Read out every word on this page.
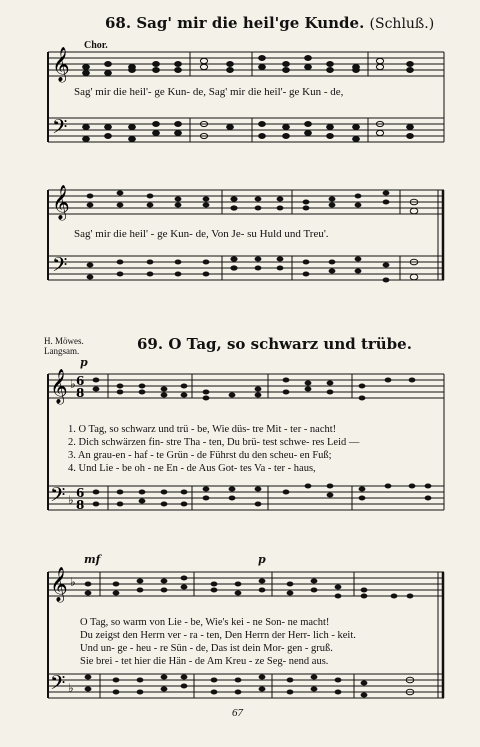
68. Sag' mir die heil'ge Kunde. (Schluß.)
Chor.
𝄞
𝄢
Sag' mir die heil'- ge Kun- de, Sag' mir die heil'- ge Kun - de,
𝄞
𝄢
Sag' mir die heil' - ge Kun- de, Von Je- su Huld und Treu'.
H. Möwes.
Langsam.	69. O Tag, so schwarz und trübe.
p
𝄞
𝄢
♭
♭
6
8
6
8
1. O Tag, so schwarz und trü - be, Wie düs- tre Mit - ter - nacht!
2. Dich schwärzen fin- stre Tha - ten, Du brü- test schwe- res Leid —
3. An grau-en - haf - te Grün - de Führst du den scheu- en Fuß;
4. Und Lie - be oh - ne En - de Aus Got- tes Va - ter - haus,
mf	p
𝄞
𝄢
♭
♭
O Tag, so warm von Lie - be, Wie's kei - ne Son- ne macht!
Du zeigst den Herrn ver - ra - ten, Den Herrn der Herr- lich - keit.
Und un- ge - heu - re Sün - de, Das ist dein Mor- gen - gruß.
Sie brei - tet hier die Hän - de Am Kreu - ze Seg- nend aus.
67
